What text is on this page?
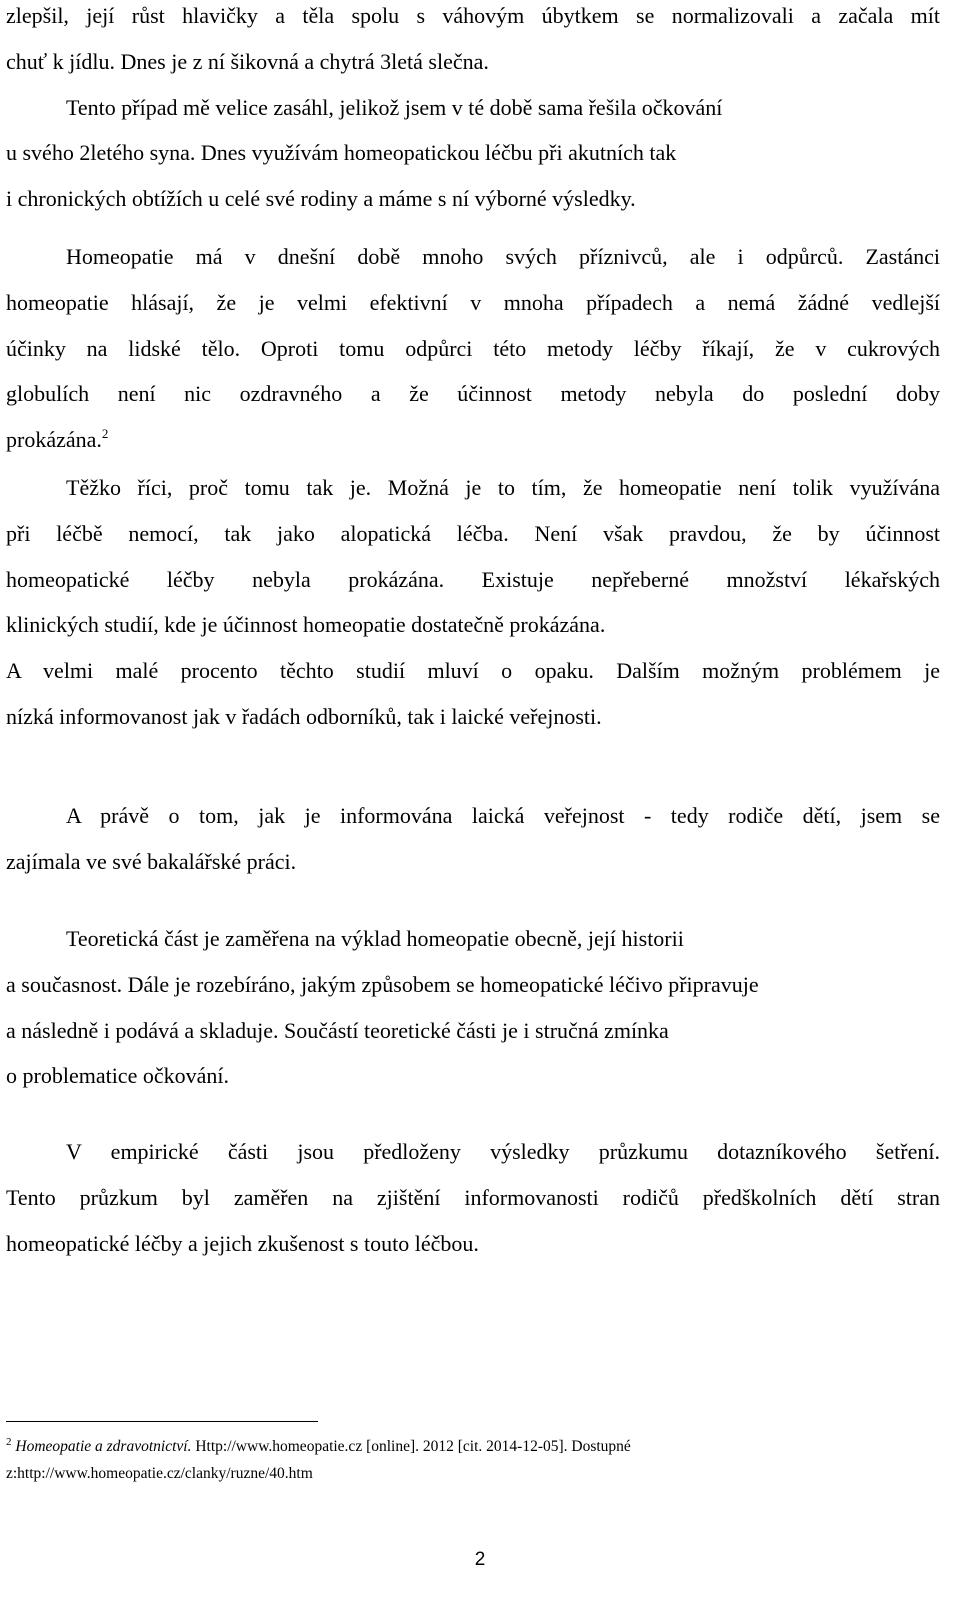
zlepšil, její růst hlavičky a těla spolu s váhovým úbytkem se normalizovali a začala mít
chuť k jídlu. Dnes je z ní šikovná a chytrá 3letá slečna.
Tento případ mě velice zasáhl, jelikož jsem v té době sama řešila očkování
u svého 2letého syna. Dnes využívám homeopatickou léčbu při akutních tak
i chronických obtížích u celé své rodiny a máme s ní výborné výsledky.

Homeopatie má v dnešní době mnoho svých příznivců, ale i odpůrců. Zastánci
homeopatie hlásají, že je velmi efektivní v mnoha případech a nemá žádné vedlejší
účinky na lidské tělo. Oproti tomu odpůrci této metody léčby říkají, že v cukrových
globulích není nic ozdravného a že účinnost metody nebyla do poslední doby
prokázána.$^2$

Těžko říci, proč tomu tak je. Možná je to tím, že homeopatie není tolik využívána
při léčbě nemocí, tak jako alopatická léčba. Není však pravdou, že by účinnost
homeopatické léčby nebyla prokázána. Existuje nepřeberné množství lékařských
klinických studií, kde je účinnost homeopatie dostatečně prokázána.
A velmi malé procento těchto studií mluví o opaku. Dalším možným problémem je
nízká informovanost jak v řadách odborníků, tak i laické veřejnosti.

A právě o tom, jak je informována laická veřejnost - tedy rodiče dětí, jsem se
zajímala ve své bakalářské práci.

Teoretická část je zaměřena na výklad homeopatie obecně, její historii
a současnost. Dále je rozebíráno, jakým způsobem se homeopatické léčivo připravuje
a následně i podává a skladuje. Součástí teoretické části je i stručná zmínka
o problematice očkování.

V empirické části jsou předloženy výsledky průzkumu dotazníkového šetření.
Tento průzkum byl zaměřen na zjištění informovanosti rodičů předškolních dětí stran
homeopatické léčby a jejich zkušenost s touto léčbou.

$^2$ Homeopatie a zdravotnictví. Http://www.homeopatie.cz [online]. 2012 [cit. 2014-12-05]. Dostupné
z:http://www.homeopatie.cz/clanky/ruzne/40.htm

2
